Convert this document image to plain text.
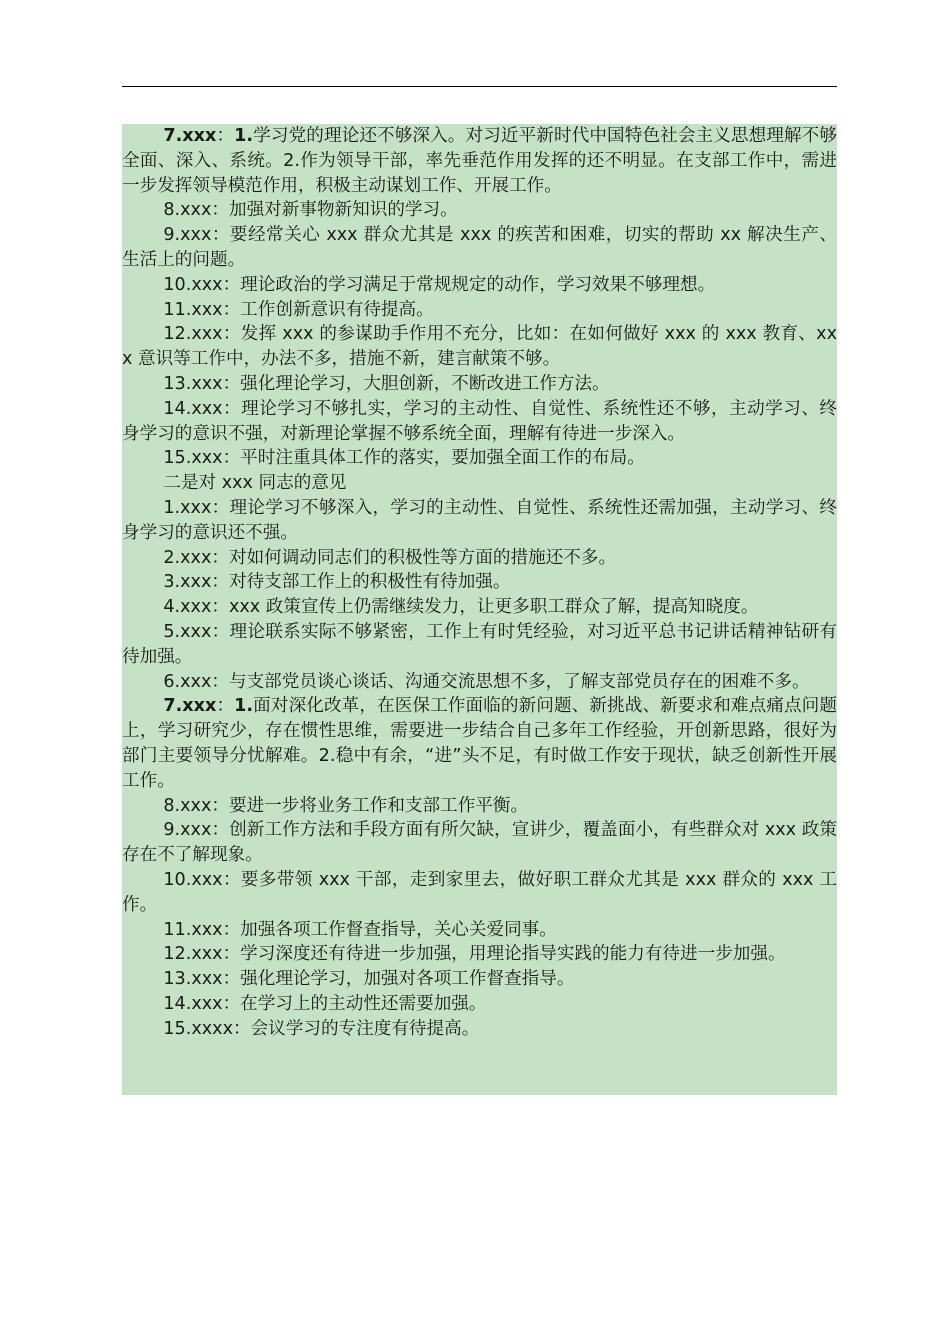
7.xxx：1.学习党的理论还不够深入。对习近平新时代中国特色社会主义思想理解不够全面、深入、系统。2.作为领导干部，率先垂范作用发挥的还不明显。在支部工作中，需进一步发挥领导模范作用，积极主动谋划工作、开展工作。

8.xxx：加强对新事物新知识的学习。

9.xxx：要经常关心 xxx 群众尤其是 xxx 的疾苦和困难，切实的帮助 xx 解决生产、生活上的问题。

10.xxx：理论政治的学习满足于常规规定的动作，学习效果不够理想。

11.xxx：工作创新意识有待提高。

12.xxx：发挥 xxx 的参谋助手作用不充分，比如：在如何做好 xxx 的 xxx 教育、xxx 意识等工作中，办法不多，措施不新，建言献策不够。

13.xxx：强化理论学习，大胆创新，不断改进工作方法。

14.xxx：理论学习不够扎实，学习的主动性、自觉性、系统性还不够，主动学习、终身学习的意识不强，对新理论掌握不够系统全面，理解有待进一步深入。

15.xxx：平时注重具体工作的落实，要加强全面工作的布局。

二是对 xxx 同志的意见

1.xxx：理论学习不够深入，学习的主动性、自觉性、系统性还需加强，主动学习、终身学习的意识还不强。

2.xxx：对如何调动同志们的积极性等方面的措施还不多。

3.xxx：对待支部工作上的积极性有待加强。

4.xxx：xxx 政策宣传上仍需继续发力，让更多职工群众了解，提高知晓度。

5.xxx：理论联系实际不够紧密，工作上有时凭经验，对习近平总书记讲话精神钻研有待加强。

6.xxx：与支部党员谈心谈话、沟通交流思想不多，了解支部党员存在的困难不多。

7.xxx：1.面对深化改革，在医保工作面临的新问题、新挑战、新要求和难点痛点问题上，学习研究少，存在惯性思维，需要进一步结合自己多年工作经验，开创新思路，很好为部门主要领导分忧解难。2.稳中有余，“进”头不足，有时做工作安于现状，缺乏创新性开展工作。

8.xxx：要进一步将业务工作和支部工作平衡。

9.xxx：创新工作方法和手段方面有所欠缺，宣讲少，覆盖面小，有些群众对 xxx 政策存在不了解现象。

10.xxx：要多带领 xxx 干部，走到家里去，做好职工群众尤其是 xxx 群众的 xxx 工作。

11.xxx：加强各项工作督查指导，关心关爱同事。

12.xxx：学习深度还有待进一步加强，用理论指导实践的能力有待进一步加强。

13.xxx：强化理论学习，加强对各项工作督查指导。

14.xxx：在学习上的主动性还需要加强。

15.xxxx：会议学习的专注度有待提高。
